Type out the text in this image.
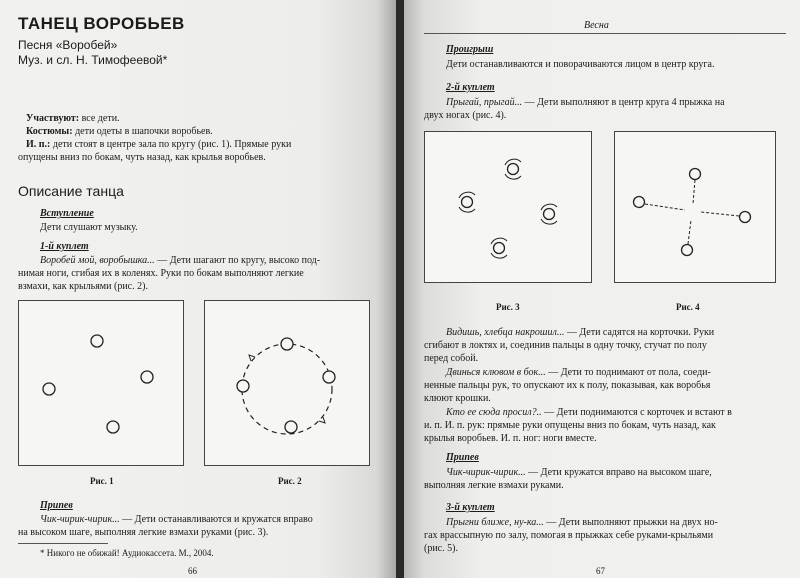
ТАНЕЦ ВОРОБЬЕВ
Песня «Воробей»
Муз. и сл. Н. Тимофеевой*
Участвуют: все дети.
Костюмы: дети одеты в шапочки воробьев.
И. п.: дети стоят в центре зала по кругу (рис. 1). Прямые руки
опущены вниз по бокам, чуть назад, как крылья воробьев.
Описание танца
Вступление
Дети слушают музыку.
1-й куплет
Воробей мой, воробышка... — Дети шагают по кругу, высоко под-
нимая ноги, сгибая их в коленях. Руки по бокам выполняют легкие
взмахи, как крыльями (рис. 2).
Рис. 1	Рис. 2
Припев
Чик-чирик-чирик... — Дети останавливаются и кружатся вправо
на высоком шаге, выполняя легкие взмахи руками (рис. 3).
* Никого не обижай! Аудиокассета. М., 2004.
66
Весна
Проигрыш
Дети останавливаются и поворачиваются лицом в центр круга.
2-й куплет
Прыгай, прыгай... — Дети выполняют в центр круга 4 прыжка на
двух ногах (рис. 4).
Рис. 3	Рис. 4
Видишь, хлебца накрошил... — Дети садятся на корточки. Руки
сгибают в локтях и, соединив пальцы в одну точку, стучат по полу
перед собой.
Двинься клювом в бок... — Дети то поднимают от пола, соеди-
ненные пальцы рук, то опускают их к полу, показывая, как воробья
клюют крошки.
Кто ее сюда просил?.. — Дети поднимаются с корточек и встают в
и. п. И. п. рук: прямые руки опущены вниз по бокам, чуть назад, как
крылья воробьев. И. п. ног: ноги вместе.
Припев
Чик-чирик-чирик... — Дети кружатся вправо на высоком шаге,
выполняя легкие взмахи руками.
3-й куплет
Прыгни ближе, ну-ка... — Дети выполняют прыжки на двух но-
гах врассыпную по залу, помогая в прыжках себе руками-крыльями
(рис. 5).
67
